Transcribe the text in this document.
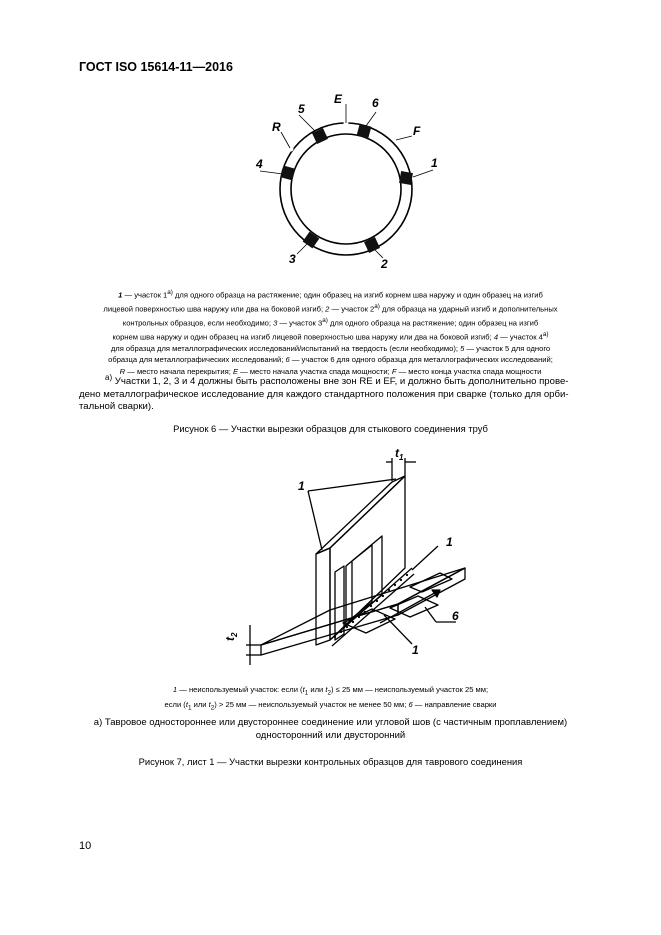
ГОСТ ISO 15614-11—2016
E
5	6
R	F
4	1
3	2
1 — участок $1^{а)}$ для одного образца на растяжение; один образец на изгиб корнем шва наружу и один образец на изгиб
лицевой поверхностью шва наружу или два на боковой изгиб; 2 — участок $2^{а)}$ для образца на ударный изгиб и дополнительных
контрольных образцов, если необходимо; 3 — участок $3^{а)}$ для одного образца на растяжение; один образец на изгиб
корнем шва наружу и один образец на изгиб лицевой поверхностью шва наружу или два на боковой изгиб; 4 — участок $4^{а)}$
для образца для металлографических исследований/испытаний на твердость (если необходимо); 5 — участок 5 для одного
образца для металлографических исследований; 6 — участок 6 для одного образца для металлографических исследований;
R — место начала перекрытия; E — место начала участка спада мощности; F — место конца участка спада мощности
$^{а)}$ Участки 1, 2, 3 и 4 должны быть расположены вне зон RE и EF, и должно быть дополнительно прове-
дено металлографическое исследование для каждого стандартного положения при сварке (только для орби-
тальной сварки).
Рисунок 6 — Участки вырезки образцов для стыкового соединения труб
$t_1$
$t_2$
1
1
1
6
1 — неиспользуемый участок: если ($t_1$ или $t_2) \le 25$ мм — неиспользуемый участок 25 мм;
если ($t_1$ или $t_2) > 25$ мм — неиспользуемый участок не менее 50 мм; 6 — направление сварки
а) Тавровое одностороннее или двустороннее соединение или угловой шов (с частичным проплавлением)
односторонний или двусторонний
Рисунок 7, лист 1 — Участки вырезки контрольных образцов для таврового соединения
10
